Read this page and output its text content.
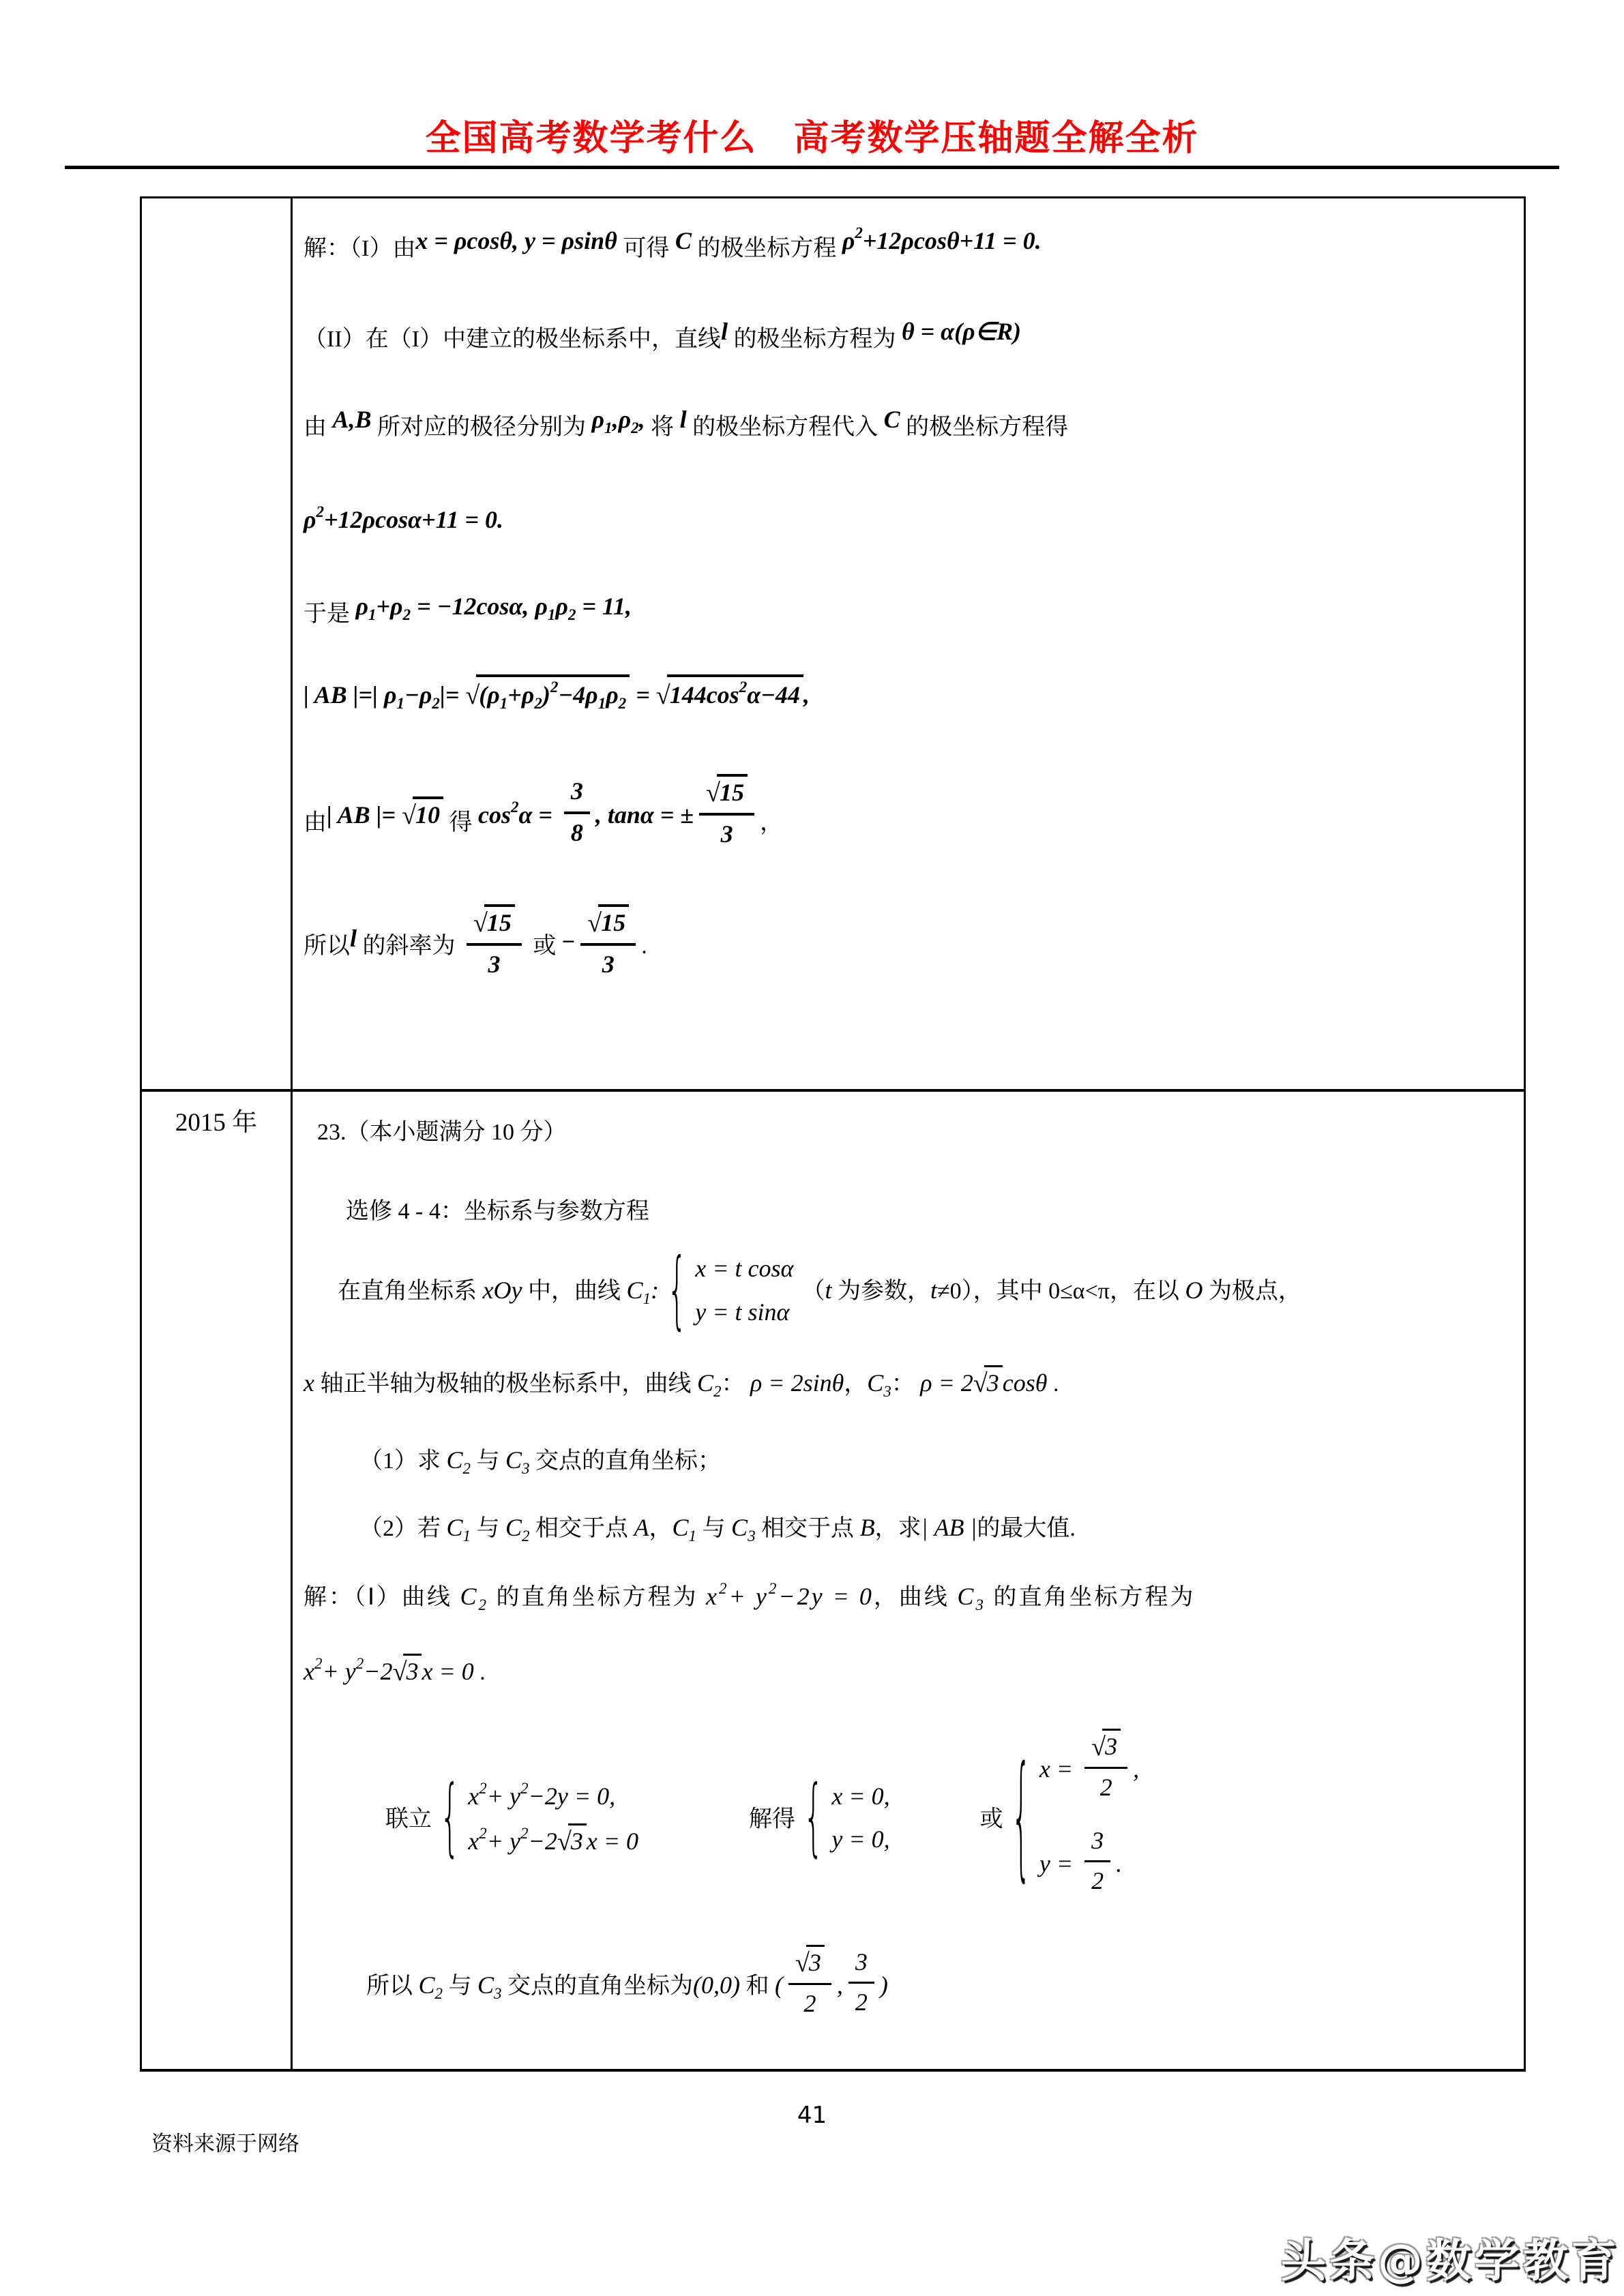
全国高考数学考什么　高考数学压轴题全解全析
解：（I）由x = ρcosθ, y = ρsinθ 可得 C 的极坐标方程 $\rho^2+12\rho\cos\theta+11 = 0$.
（II）在（I）中建立的极坐标系中，直线l 的极坐标方程为 θ = α(ρ∈R)
由 A,B 所对应的极径分别为 $\rho_1,\rho_2$, 将 l 的极坐标方程代入 C 的极坐标方程得
$\rho^2+12\rho\cos\alpha+11 = 0$.
于是 $\rho_1+\rho_2 = -12\cos\alpha$, $\rho_1\rho_2 = 11$,
| AB |=| $\rho_1-\rho_2|= √(\rho_1+\rho_2)^2-4\rho_1\rho_2 = √144\cos^2\alpha-44$ ,
由| AB |= √10 得 $\cos^2\alpha = \frac{3}{8}$ , tanα = ± $\frac{√15}{3}$ ，
所以l 的斜率为 $\frac{√15}{3}$ 或 − $\frac{√15}{3}$ .
2015 年	23.（本小题满分 10 分）
选修 4 - 4：坐标系与参数方程
在直角坐标系 xOy 中，曲线 $C_1$: { x = t cosα
y = t sinα
（t 为参数，t≠0），其中 0≤α<π，在以 O 为极点，
x 轴正半轴为极轴的极坐标系中，曲线 $C_2$： ρ = 2sinθ，$C_3$： ρ = 2√3 cosθ .
（1）求 $C_2$ 与 $C_3$ 交点的直角坐标；
（2）若 $C_1$ 与 $C_2$ 相交于点 A，$C_1$ 与 $C_3$ 相交于点 B，求| AB |的最大值.
解：（Ⅰ）曲线 $C_2$ 的直角坐标方程为 $x^2+ y^2-2y = 0$，曲线 $C_3$ 的直角坐标方程为
$x^2+ y^2-2√3$ x = 0 .
联立 { $x^2+ y^2-2y = 0$,
$x^2+ y^2-2√3$ x = 0
解得 { x = 0,
y = 0,
或 { $x = \frac{√3}{2}$ ,
$y = \frac{3}{2}$ .
所以 $C_2$ 与 $C_3$ 交点的直角坐标为(0,0) 和 ( $\frac{√3}{2}$ , $\frac{3}{2}$ )
41
资料来源于网络
头条@数学教育
